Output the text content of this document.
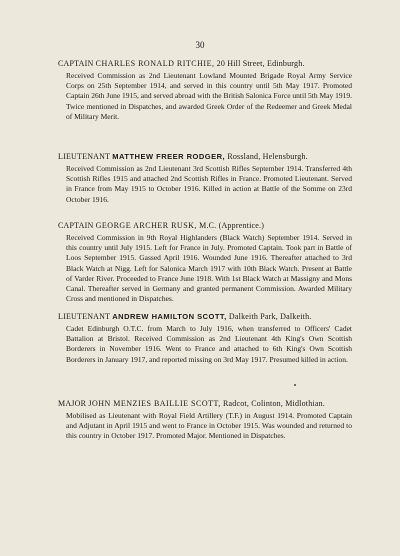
30
CAPTAIN CHARLES RONALD RITCHIE, 20 Hill Street, Edinburgh.
Received Commission as 2nd Lieutenant Lowland Mounted Brigade Royal Army Service Corps on 25th September 1914, and served in this country until 5th May 1917. Promoted Captain 26th June 1915, and served abroad with the British Salonica Force until 5th May 1919. Twice mentioned in Dispatches, and awarded Greek Order of the Redeemer and Greek Medal of Military Merit.
LIEUTENANT MATTHEW FREER RODGER, Rossland, Helensburgh.
Received Commission as 2nd Lieutenant 3rd Scottish Rifles September 1914. Transferred 4th Scottish Rifles 1915 and attached 2nd Scottish Rifles in France. Promoted Lieutenant. Served in France from May 1915 to October 1916. Killed in action at Battle of the Somme on 23rd October 1916.
CAPTAIN GEORGE ARCHER RUSK, M.C. (Apprentice.)
Received Commission in 9th Royal Highlanders (Black Watch) September 1914. Served in this country until July 1915. Left for France in July. Promoted Captain. Took part in Battle of Loos September 1915. Gassed April 1916. Wounded June 1916. Thereafter attached to 3rd Black Watch at Nigg. Left for Salonica March 1917 with 10th Black Watch. Present at Battle of Varder River. Proceeded to France June 1918. With 1st Black Watch at Massigny and Mons Canal. Thereafter served in Germany and granted permanent Commission. Awarded Military Cross and mentioned in Dispatches.
LIEUTENANT ANDREW HAMILTON SCOTT, Dalkeith Park, Dalkeith.
Cadet Edinburgh O.T.C. from March to July 1916, when transferred to Officers' Cadet Battalion at Bristol. Received Commission as 2nd Lieutenant 4th King's Own Scottish Borderers in November 1916. Went to France and attached to 6th King's Own Scottish Borderers in January 1917, and reported missing on 3rd May 1917. Presumed killed in action.
MAJOR JOHN MENZIES BAILLIE SCOTT, Radcot, Colinton, Midlothian.
Mobilised as Lieutenant with Royal Field Artillery (T.F.) in August 1914. Promoted Captain and Adjutant in April 1915 and went to France in October 1915. Was wounded and returned to this country in October 1917. Promoted Major. Mentioned in Dispatches.
